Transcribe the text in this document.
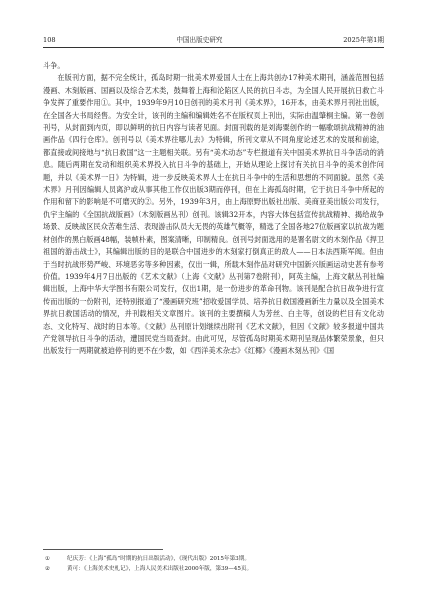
108	中国出版史研究	2025年第1期

斗争。

在版刊方面，据不完全统计，孤岛时期一批美术界爱国人士在上海共创办17种美术期刊，涵盖范围包括漫画、木刻版画、国画以及综合艺术类，鼓舞着上海和沦陷区人民的抗日斗志，为全国人民开展抗日救亡斗争发挥了重要作用①。其中，1939年9月10日创刊的美术月刊《美术界》，16开本，由美术界月刊社出版，在全国各大书局经售。为安全计，该刊的主编和编辑姓名不在版权页上刊出，实际由温肇桐主编。第一卷创刊号，从封面到内页，即以鲜明的抗日内容与读者见面。封面刊载的是刘海粟创作的一幅歌颂抗战精神的油画作品《四行仓库》。创刊号以《美术界往哪儿去》为特辑，所刊文章从不同角度论述艺术的发展和前途，都直接或间接地与“抗日救国”这一主题相关联。另有“美术动态”专栏报道有关中国美术界抗日斗争活动的消息。随后两期在发动和组织美术界投入抗日斗争的基础上，开始从理论上探讨有关抗日斗争的美术创作问题，并以《美术界一日》为特辑，进一步反映美术界人士在抗日斗争中的生活和思想的不同面貌。虽然《美术界》月刊因编辑人员离沪或从事其他工作仅出版3期而停刊，但在上海孤岛时期，它于抗日斗争中所起的作用和留下的影响是不可磨灭的②。另外，1939年3月，由上海原野出版社出版、美商亚美出版公司发行，仇宇主编的《全国抗战版画》（木刻版画丛刊）创刊。该辑32开本，内容大体包括宣传抗战精神、揭给战争场景、反映战区民众苦难生活、表现游击队员大无畏的英雄气概等，精选了全国各地27位版画家以抗战为题材创作的黑白版画48幅，装帧朴素，图案清晰，印制精良。创刊号封面选用的是署名尉文的木刻作品《捍卫祖国的游击战士》，其编辑出版的目的是联合中国进步的木刻家打倒真正的敌人——日本法西斯军阀。但由于当时抗战形势严峻、环境恶劣等多种因素，仅出一辑，所载木刻作品对研究中国新兴版画运动史甚有参考价值。1939年4月7日出版的《艺术文献》（上海《文献》丛刊第7卷附刊），阿英主编，上海文献丛刊社编辑出版，上海中华大学图书有限公司发行，仅出1期，是一份进步的革命刊物。该刊是配合抗日战争进行宣传而出版的一份附刊，还特别报道了“漫画研究班”招收爱国学员、培养抗日救国漫画新生力量以及全国美术界抗日救国活动的情况，并刊载相关文章图片。该刊的主要撰稿人为芳丝、白主等，创设的栏目有文化动态、文化特写、战时的日本等。《文献》丛刊原计划继续出附刊《艺术文献》，但因《文献》较多报道中国共产党领导抗日斗争的活动，遭国民党当局查封。由此可见，尽管孤岛时期美术期刊呈现品体繁荣景象，但只出版发行一两期就被迫停刊的更不在少数，如《西洋美术杂志》《红椰》《漫画木刻丛刊》《国

①	纪庆芳：《上海“孤岛”时期的抗日出版活动》，《现代出版》2015年第3期。
②	黄可：《上海美术史札记》，上海人民美术出版社2000年版，第39—45页。
